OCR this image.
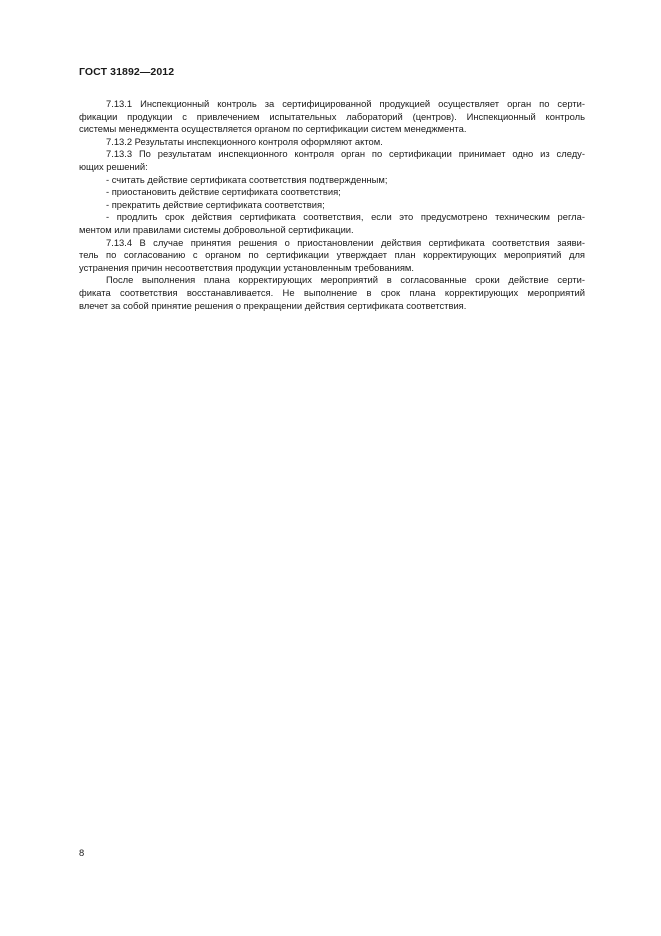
ГОСТ 31892—2012
7.13.1 Инспекционный контроль за сертифицированной продукцией осуществляет орган по серти-
фикации продукции с привлечением испытательных лабораторий (центров). Инспекционный контроль
системы менеджмента осуществляется органом по сертификации систем менеджмента.
7.13.2 Результаты инспекционного контроля оформляют актом.
7.13.3 По результатам инспекционного контроля орган по сертификации принимает одно из следу-
ющих решений:
- считать действие сертификата соответствия подтвержденным;
- приостановить действие сертификата соответствия;
- прекратить действие сертификата соответствия;
- продлить срок действия сертификата соответствия, если это предусмотрено техническим регла-
ментом или правилами системы добровольной сертификации.
7.13.4 В случае принятия решения о приостановлении действия сертификата соответствия заяви-
тель по согласованию с органом по сертификации утверждает план корректирующих мероприятий для
устранения причин несоответствия продукции установленным требованиям.
После выполнения плана корректирующих мероприятий в согласованные сроки действие серти-
фиката соответствия восстанавливается. Не выполнение в срок плана корректирующих мероприятий
влечет за собой принятие решения о прекращении действия сертификата соответствия.
8
